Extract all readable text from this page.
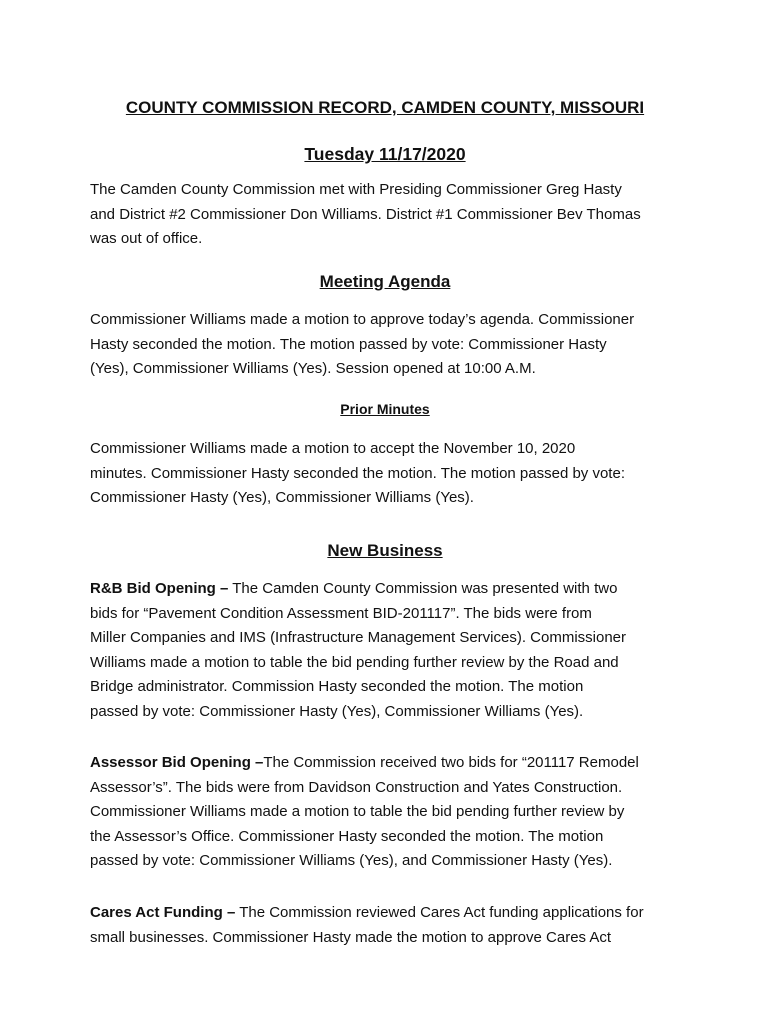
COUNTY COMMISSION RECORD, CAMDEN COUNTY, MISSOURI
Tuesday 11/17/2020
The Camden County Commission met with Presiding Commissioner Greg Hasty
and District #2 Commissioner Don Williams. District #1 Commissioner Bev Thomas
was out of office.
Meeting Agenda
Commissioner Williams made a motion to approve today’s agenda. Commissioner
Hasty seconded the motion. The motion passed by vote: Commissioner Hasty
(Yes), Commissioner Williams (Yes). Session opened at 10:00 A.M.
Prior Minutes
Commissioner Williams made a motion to accept the November 10, 2020
minutes. Commissioner Hasty seconded the motion. The motion passed by vote:
Commissioner Hasty (Yes), Commissioner Williams (Yes).
New Business
R&B Bid Opening – The Camden County Commission was presented with two
bids for “Pavement Condition Assessment BID-201117”. The bids were from
Miller Companies and IMS (Infrastructure Management Services). Commissioner
Williams made a motion to table the bid pending further review by the Road and
Bridge administrator. Commission Hasty seconded the motion. The motion
passed by vote: Commissioner Hasty (Yes), Commissioner Williams (Yes).
Assessor Bid Opening –The Commission received two bids for “201117 Remodel
Assessor’s”. The bids were from Davidson Construction and Yates Construction.
Commissioner Williams made a motion to table the bid pending further review by
the Assessor’s Office. Commissioner Hasty seconded the motion. The motion
passed by vote: Commissioner Williams (Yes), and Commissioner Hasty (Yes).
Cares Act Funding – The Commission reviewed Cares Act funding applications for
small businesses. Commissioner Hasty made the motion to approve Cares Act
